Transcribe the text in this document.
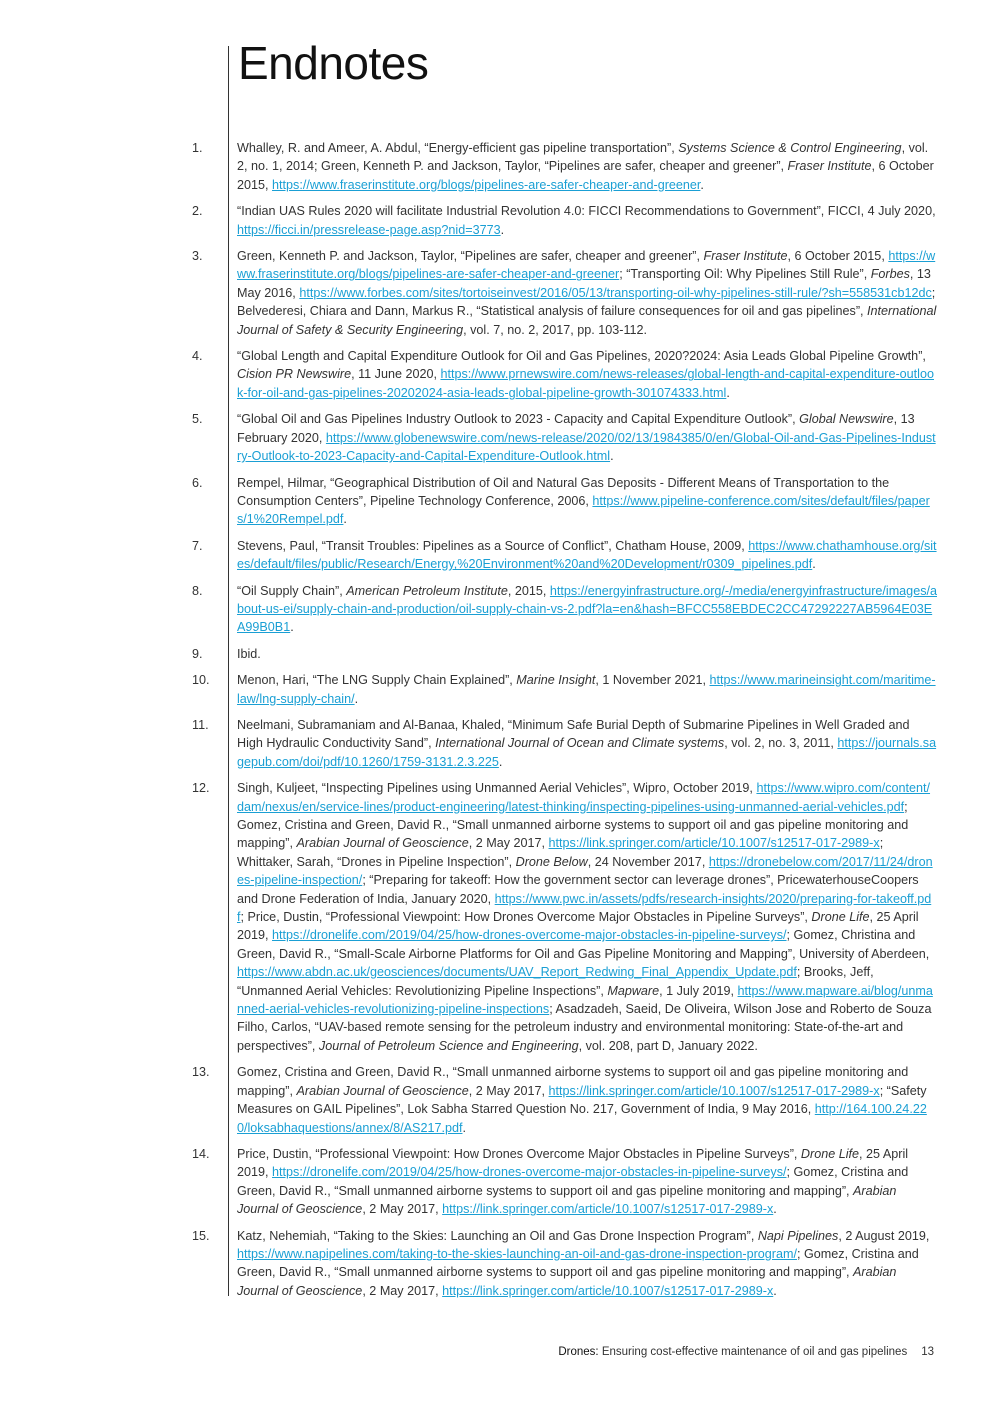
Endnotes
1.	Whalley, R. and Ameer, A. Abdul, “Energy-efficient gas pipeline transportation”, Systems Science & Control Engineering, vol. 2, no. 1, 2014; Green, Kenneth P. and Jackson, Taylor, “Pipelines are safer, cheaper and greener”, Fraser Institute, 6 October 2015, https://www.fraserinstitute.org/blogs/pipelines-are-safer-cheaper-and-greener.
2.	“Indian UAS Rules 2020 will facilitate Industrial Revolution 4.0: FICCI Recommendations to Government”, FICCI, 4 July 2020, https://ficci.in/pressrelease-page.asp?nid=3773.
3.	Green, Kenneth P. and Jackson, Taylor, “Pipelines are safer, cheaper and greener”, Fraser Institute, 6 October 2015, https://www.fraserinstitute.org/blogs/pipelines-are-safer-cheaper-and-greener; “Transporting Oil: Why Pipelines Still Rule”, Forbes, 13 May 2016, https://www.forbes.com/sites/tortoiseinvest/2016/05/13/transporting-oil-why-pipelines-still-rule/?sh=558531cb12dc; Belvederesi, Chiara and Dann, Markus R., “Statistical analysis of failure consequences for oil and gas pipelines”, International Journal of Safety & Security Engineering, vol. 7, no. 2, 2017, pp. 103-112.
4.	“Global Length and Capital Expenditure Outlook for Oil and Gas Pipelines, 2020?2024: Asia Leads Global Pipeline Growth”, Cision PR Newswire, 11 June 2020, https://www.prnewswire.com/news-releases/global-length-and-capital-expenditure-outlook-for-oil-and-gas-pipelines-20202024-asia-leads-global-pipeline-growth-301074333.html.
5.	“Global Oil and Gas Pipelines Industry Outlook to 2023 - Capacity and Capital Expenditure Outlook”, Global Newswire, 13 February 2020, https://www.globenewswire.com/news-release/2020/02/13/1984385/0/en/Global-Oil-and-Gas-Pipelines-Industry-Outlook-to-2023-Capacity-and-Capital-Expenditure-Outlook.html.
6.	Rempel, Hilmar, “Geographical Distribution of Oil and Natural Gas Deposits - Different Means of Transportation to the Consumption Centers”, Pipeline Technology Conference, 2006, https://www.pipeline-conference.com/sites/default/files/papers/1%20Rempel.pdf.
7.	Stevens, Paul, “Transit Troubles: Pipelines as a Source of Conflict”, Chatham House, 2009, https://www.chathamhouse.org/sites/default/files/public/Research/Energy,%20Environment%20and%20Development/r0309_pipelines.pdf.
8.	“Oil Supply Chain”, American Petroleum Institute, 2015, https://energyinfrastructure.org/-/media/energyinfrastructure/images/about-us-ei/supply-chain-and-production/oil-supply-chain-vs-2.pdf?la=en&hash=BFCC558EBDEC2CC47292227AB5964E03EA99B0B1.
9.	Ibid.
10.	Menon, Hari, “The LNG Supply Chain Explained”, Marine Insight, 1 November 2021, https://www.marineinsight.com/maritime-law/lng-supply-chain/.
11.	Neelmani, Subramaniam and Al-Banaa, Khaled, “Minimum Safe Burial Depth of Submarine Pipelines in Well Graded and High Hydraulic Conductivity Sand”, International Journal of Ocean and Climate systems, vol. 2, no. 3, 2011, https://journals.sagepub.com/doi/pdf/10.1260/1759-3131.2.3.225.
12.	Singh, Kuljeet, “Inspecting Pipelines using Unmanned Aerial Vehicles”, Wipro, October 2019, https://www.wipro.com/content/dam/nexus/en/service-lines/product-engineering/latest-thinking/inspecting-pipelines-using-unmanned-aerial-vehicles.pdf; Gomez, Cristina and Green, David R., “Small unmanned airborne systems to support oil and gas pipeline monitoring and mapping”, Arabian Journal of Geoscience, 2 May 2017, https://link.springer.com/article/10.1007/s12517-017-2989-x; Whittaker, Sarah, “Drones in Pipeline Inspection”, Drone Below, 24 November 2017, https://dronebelow.com/2017/11/24/drones-pipeline-inspection/; “Preparing for takeoff: How the government sector can leverage drones”, PricewaterhouseCoopers and Drone Federation of India, January 2020, https://www.pwc.in/assets/pdfs/research-insights/2020/preparing-for-takeoff.pdf; Price, Dustin, “Professional Viewpoint: How Drones Overcome Major Obstacles in Pipeline Surveys”, Drone Life, 25 April 2019, https://dronelife.com/2019/04/25/how-drones-overcome-major-obstacles-in-pipeline-surveys/; Gomez, Christina and Green, David R., “Small-Scale Airborne Platforms for Oil and Gas Pipeline Monitoring and Mapping”, University of Aberdeen, https://www.abdn.ac.uk/geosciences/documents/UAV_Report_Redwing_Final_Appendix_Update.pdf; Brooks, Jeff, “Unmanned Aerial Vehicles: Revolutionizing Pipeline Inspections”, Mapware, 1 July 2019, https://www.mapware.ai/blog/unmanned-aerial-vehicles-revolutionizing-pipeline-inspections; Asadzadeh, Saeid, De Oliveira, Wilson Jose and Roberto de Souza Filho, Carlos, “UAV-based remote sensing for the petroleum industry and environmental monitoring: State-of-the-art and perspectives”, Journal of Petroleum Science and Engineering, vol. 208, part D, January 2022.
13.	Gomez, Cristina and Green, David R., “Small unmanned airborne systems to support oil and gas pipeline monitoring and mapping”, Arabian Journal of Geoscience, 2 May 2017, https://link.springer.com/article/10.1007/s12517-017-2989-x; “Safety Measures on GAIL Pipelines”, Lok Sabha Starred Question No. 217, Government of India, 9 May 2016, http://164.100.24.220/loksabhaquestions/annex/8/AS217.pdf.
14.	Price, Dustin, “Professional Viewpoint: How Drones Overcome Major Obstacles in Pipeline Surveys”, Drone Life, 25 April 2019, https://dronelife.com/2019/04/25/how-drones-overcome-major-obstacles-in-pipeline-surveys/; Gomez, Cristina and Green, David R., “Small unmanned airborne systems to support oil and gas pipeline monitoring and mapping”, Arabian Journal of Geoscience, 2 May 2017, https://link.springer.com/article/10.1007/s12517-017-2989-x.
15.	Katz, Nehemiah, “Taking to the Skies: Launching an Oil and Gas Drone Inspection Program”, Napi Pipelines, 2 August 2019, https://www.napipelines.com/taking-to-the-skies-launching-an-oil-and-gas-drone-inspection-program/; Gomez, Cristina and Green, David R., “Small unmanned airborne systems to support oil and gas pipeline monitoring and mapping”, Arabian Journal of Geoscience, 2 May 2017, https://link.springer.com/article/10.1007/s12517-017-2989-x.
Drones: Ensuring cost-effective maintenance of oil and gas pipelines 13
